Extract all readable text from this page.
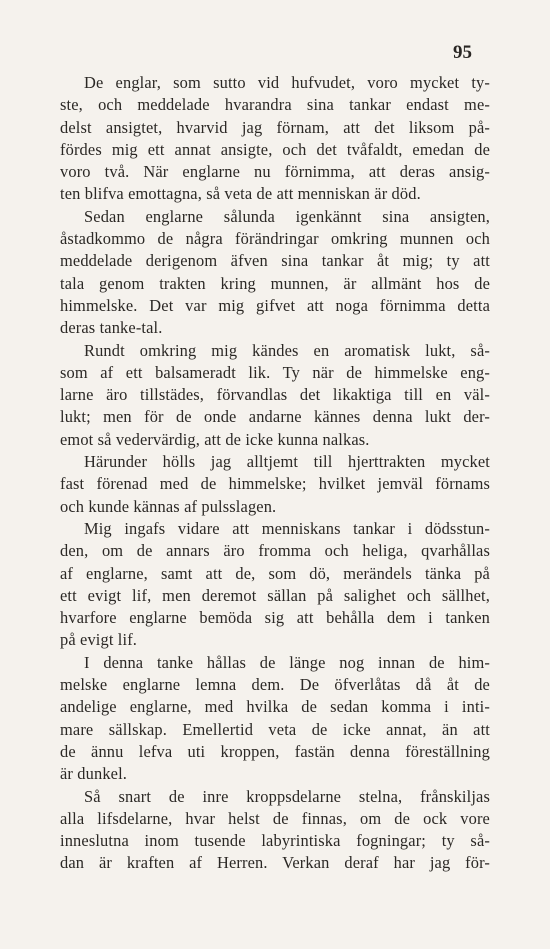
95
De englar, som sutto vid hufvudet, voro mycket ty-
ste, och meddelade hvarandra sina tankar endast me-
delst ansigtet, hvarvid jag förnam, att det liksom på-
fördes mig ett annat ansigte, och det tvåfaldt, emedan de
voro två. När englarne nu förnimma, att deras ansig-
ten blifva emottagna, så veta de att menniskan är död.
Sedan englarne sålunda igenkännt sina ansigten,
åstadkommo de några förändringar omkring munnen och
meddelade derigenom äfven sina tankar åt mig; ty att
tala genom trakten kring munnen, är allmänt hos de
himmelske. Det var mig gifvet att noga förnimma detta
deras tanke-tal.
Rundt omkring mig kändes en aromatisk lukt, så-
som af ett balsameradt lik. Ty när de himmelske eng-
larne äro tillstädes, förvandlas det likaktiga till en väl-
lukt; men för de onde andarne kännes denna lukt der-
emot så vedervärdig, att de icke kunna nalkas.
Härunder hölls jag alltjemt till hjerttrakten mycket
fast förenad med de himmelske; hvilket jemväl förnams
och kunde kännas af pulsslagen.
Mig ingafs vidare att menniskans tankar i dödsstun-
den, om de annars äro fromma och heliga, qvarhållas
af englarne, samt att de, som dö, merändels tänka på
ett evigt lif, men deremot sällan på salighet och sällhet,
hvarfore englarne bemöda sig att behålla dem i tanken
på evigt lif.
I denna tanke hållas de länge nog innan de him-
melske englarne lemna dem. De öfverlåtas då åt de
andelige englarne, med hvilka de sedan komma i inti-
mare sällskap. Emellertid veta de icke annat, än att
de ännu lefva uti kroppen, fastän denna föreställning
är dunkel.
Så snart de inre kroppsdelarne stelna, frånskiljas
alla lifsdelarne, hvar helst de finnas, om de ock vore
inneslutna inom tusende labyrintiska fogningar; ty så-
dan är kraften af Herren. Verkan deraf har jag för-
